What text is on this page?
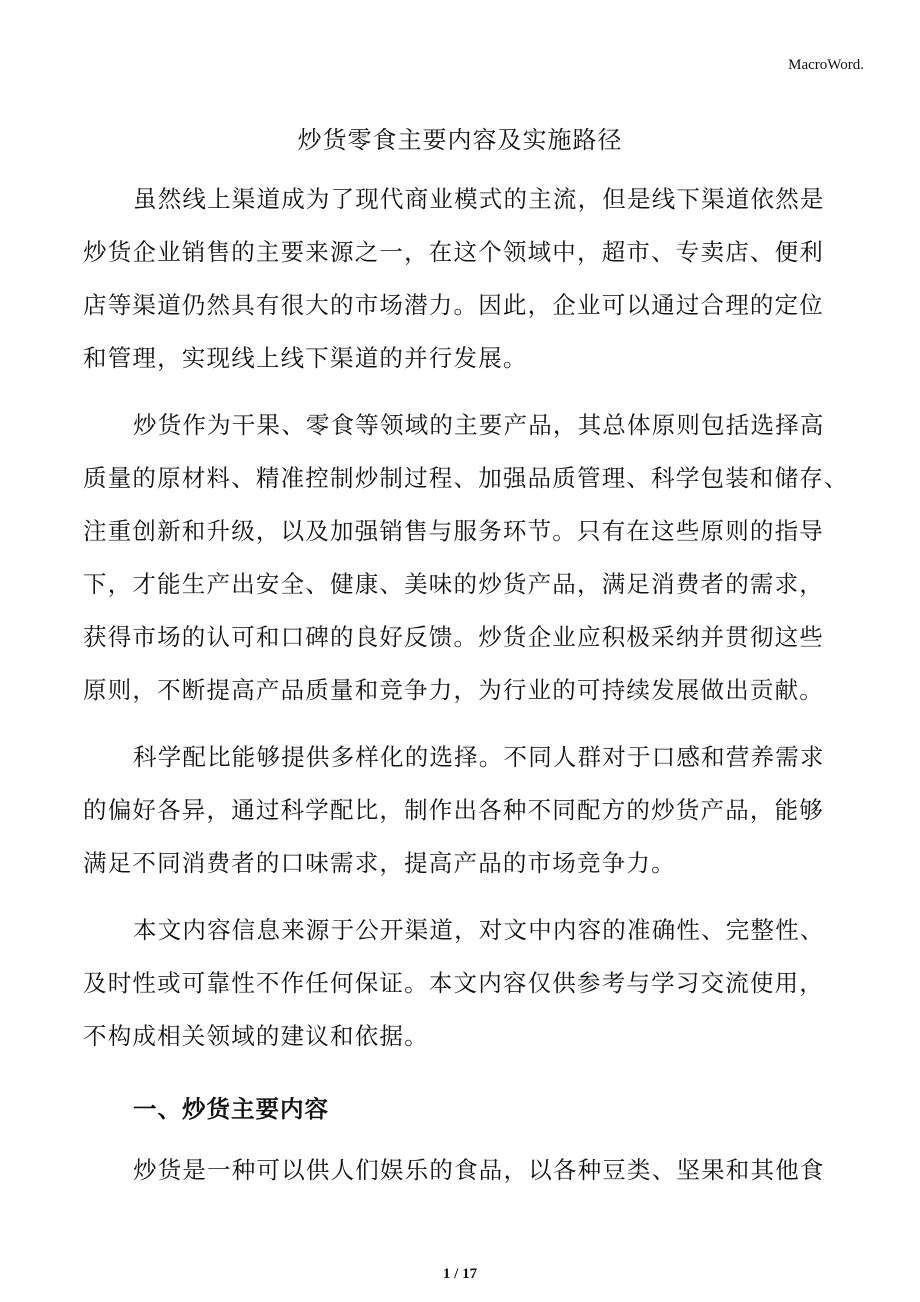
MacroWord.
炒货零食主要内容及实施路径
虽然线上渠道成为了现代商业模式的主流，但是线下渠道依然是
炒货企业销售的主要来源之一，在这个领域中，超市、专卖店、便利
店等渠道仍然具有很大的市场潜力。因此，企业可以通过合理的定位
和管理，实现线上线下渠道的并行发展。
炒货作为干果、零食等领域的主要产品，其总体原则包括选择高
质量的原材料、精准控制炒制过程、加强品质管理、科学包装和储存、
注重创新和升级，以及加强销售与服务环节。只有在这些原则的指导
下，才能生产出安全、健康、美味的炒货产品，满足消费者的需求，
获得市场的认可和口碑的良好反馈。炒货企业应积极采纳并贯彻这些
原则，不断提高产品质量和竞争力，为行业的可持续发展做出贡献。
科学配比能够提供多样化的选择。不同人群对于口感和营养需求
的偏好各异，通过科学配比，制作出各种不同配方的炒货产品，能够
满足不同消费者的口味需求，提高产品的市场竞争力。
本文内容信息来源于公开渠道，对文中内容的准确性、完整性、
及时性或可靠性不作任何保证。本文内容仅供参考与学习交流使用，
不构成相关领域的建议和依据。
一、炒货主要内容
炒货是一种可以供人们娱乐的食品，以各种豆类、坚果和其他食
1 / 17
